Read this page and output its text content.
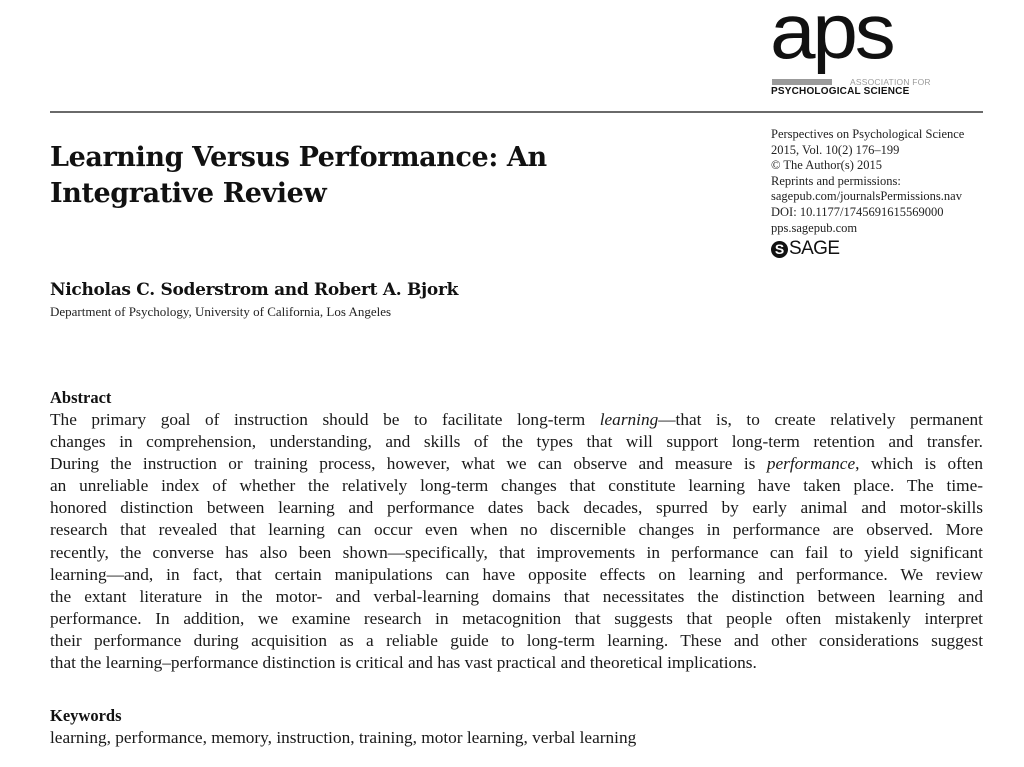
aps
ASSOCIATION FOR
PSYCHOLOGICAL SCIENCE
Learning Versus Performance: An Integrative Review
Perspectives on Psychological Science
2015, Vol. 10(2) 176–199
© The Author(s) 2015
Reprints and permissions:
sagepub.com/journalsPermissions.nav
DOI: 10.1177/1745691615569000
pps.sagepub.com
S SAGE
Nicholas C. Soderstrom and Robert A. Bjork
Department of Psychology, University of California, Los Angeles
Abstract
The primary goal of instruction should be to facilitate long-term learning—that is, to create relatively permanent
changes in comprehension, understanding, and skills of the types that will support long-term retention and transfer.
During the instruction or training process, however, what we can observe and measure is performance, which is often
an unreliable index of whether the relatively long-term changes that constitute learning have taken place. The time-
honored distinction between learning and performance dates back decades, spurred by early animal and motor-skills
research that revealed that learning can occur even when no discernible changes in performance are observed. More
recently, the converse has also been shown—specifically, that improvements in performance can fail to yield significant
learning—and, in fact, that certain manipulations can have opposite effects on learning and performance. We review
the extant literature in the motor- and verbal-learning domains that necessitates the distinction between learning and
performance. In addition, we examine research in metacognition that suggests that people often mistakenly interpret
their performance during acquisition as a reliable guide to long-term learning. These and other considerations suggest
that the learning–performance distinction is critical and has vast practical and theoretical implications.
Keywords
learning, performance, memory, instruction, training, motor learning, verbal learning
